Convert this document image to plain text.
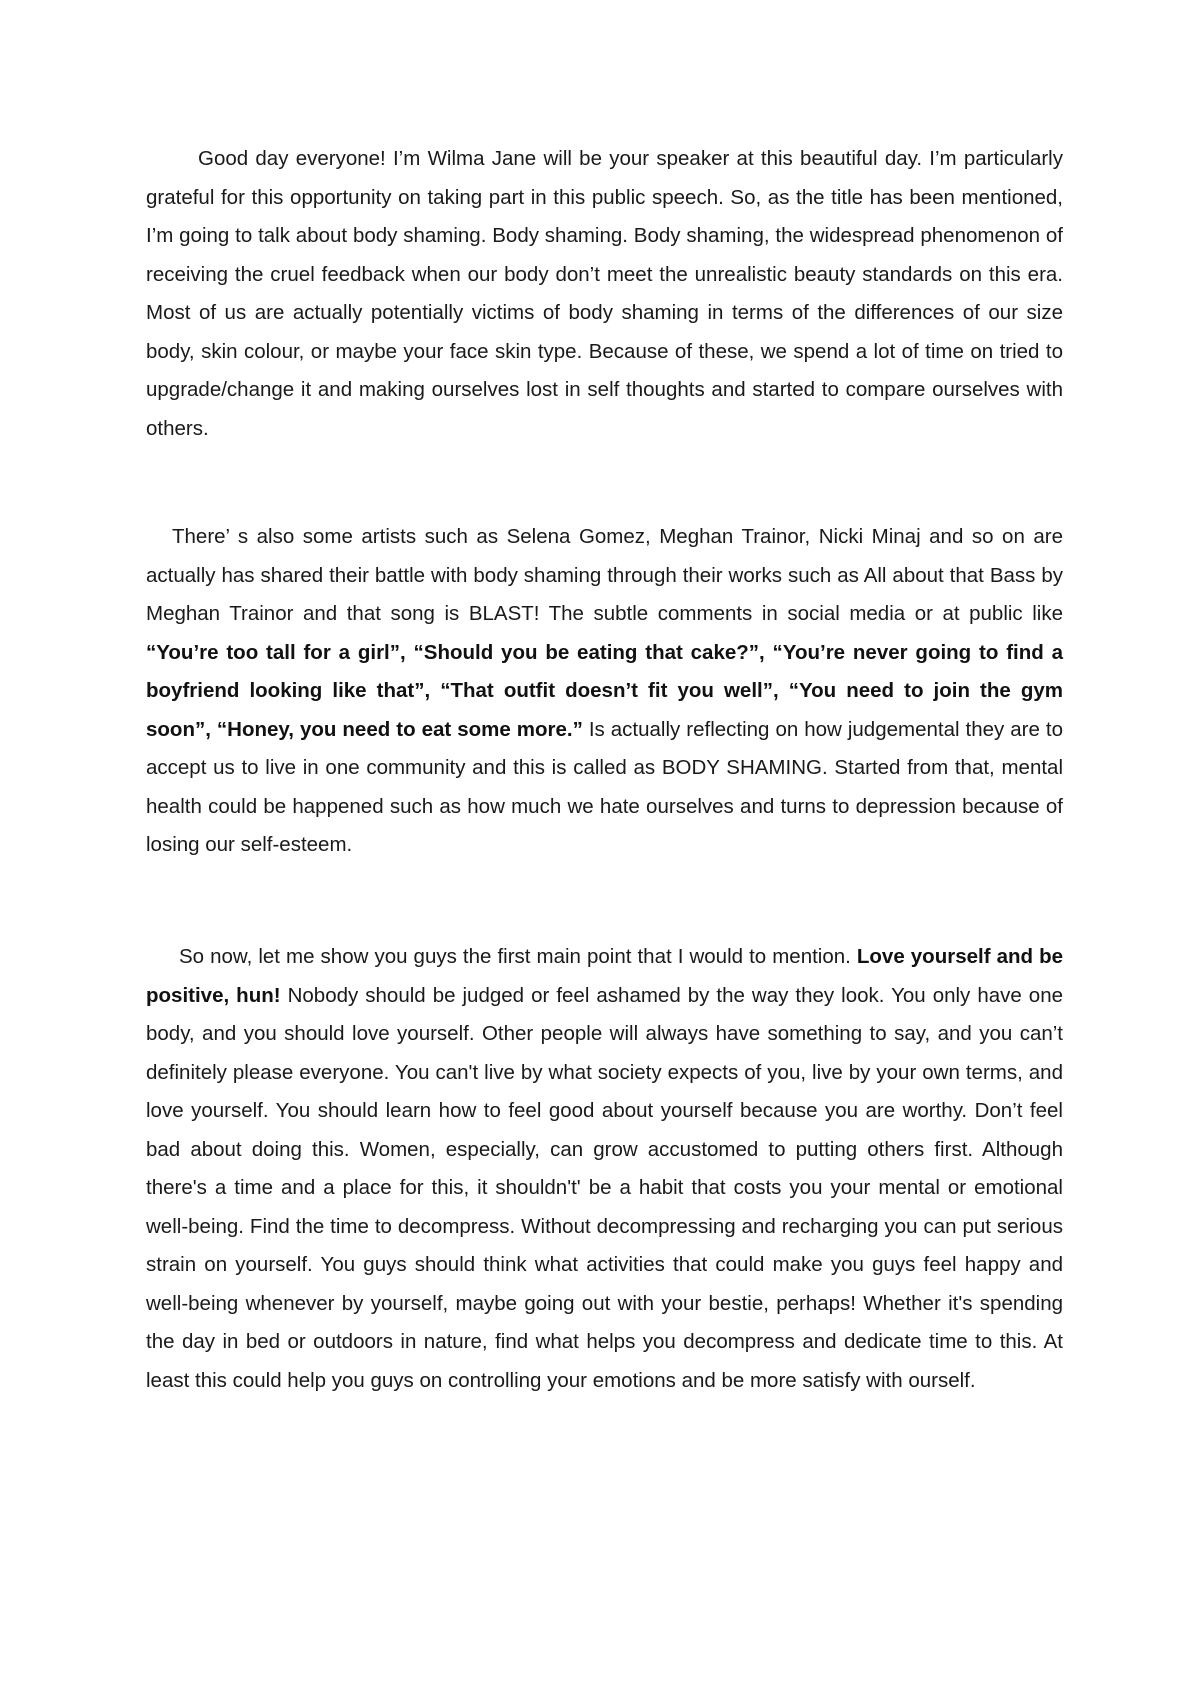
Good day everyone! I’m Wilma Jane will be your speaker at this beautiful day. I’m particularly grateful for this opportunity on taking part in this public speech. So, as the title has been mentioned, I’m going to talk about body shaming. Body shaming. Body shaming, the widespread phenomenon of receiving the cruel feedback when our body don’t meet the unrealistic beauty standards on this era. Most of us are actually potentially victims of body shaming in terms of the differences of our size body, skin colour, or maybe your face skin type. Because of these, we spend a lot of time on tried to upgrade/change it and making ourselves lost in self thoughts and started to compare ourselves with others.

There’ s also some artists such as Selena Gomez, Meghan Trainor, Nicki Minaj and so on are actually has shared their battle with body shaming through their works such as All about that Bass by Meghan Trainor and that song is BLAST! The subtle comments in social media or at public like “You’re too tall for a girl”, “Should you be eating that cake?”, “You’re never going to find a boyfriend looking like that”, “That outfit doesn’t fit you well”, “You need to join the gym soon”, “Honey, you need to eat some more.” Is actually reflecting on how judgemental they are to accept us to live in one community and this is called as BODY SHAMING. Started from that, mental health could be happened such as how much we hate ourselves and turns to depression because of losing our self-esteem.

So now, let me show you guys the first main point that I would to mention. Love yourself and be positive, hun! Nobody should be judged or feel ashamed by the way they look. You only have one body, and you should love yourself. Other people will always have something to say, and you can’t definitely please everyone. You can't live by what society expects of you, live by your own terms, and love yourself. You should learn how to feel good about yourself because you are worthy. Don’t feel bad about doing this. Women, especially, can grow accustomed to putting others first. Although there's a time and a place for this, it shouldn't' be a habit that costs you your mental or emotional well-being. Find the time to decompress. Without decompressing and recharging you can put serious strain on yourself. You guys should think what activities that could make you guys feel happy and well-being whenever by yourself, maybe going out with your bestie, perhaps! Whether it's spending the day in bed or outdoors in nature, find what helps you decompress and dedicate time to this. At least this could help you guys on controlling your emotions and be more satisfy with ourself.
